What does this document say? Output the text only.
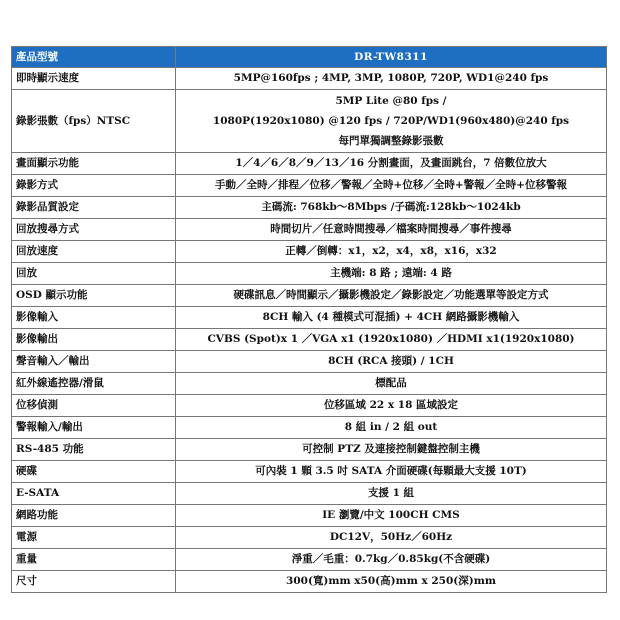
產品型號	DR-TW8311
即時顯示速度	5MP@160fps ; 4MP, 3MP, 1080P, 720P, WD1@240 fps
錄影張數（fps）NTSC	5MP Lite @80 fps /
1080P(1920x1080) @120 fps / 720P/WD1(960x480)@240 fps
每門單獨調整錄影張數

畫面顯示功能	1／4／6／8／9／13／16 分割畫面，及畫面跳台，7 倍數位放大
錄影方式	手動／全時／排程／位移／警報／全時+位移／全時+警報／全時+位移警報
錄影品質設定	主碼流: 768kb～8Mbps /子碼流:128kb～1024kb
回放搜尋方式	時間切片／任意時間搜尋／檔案時間搜尋／事件搜尋
回放速度	正轉／倒轉：x1，x2，x4，x8，x16，x32
回放	主機端: 8 路 ; 遠端: 4 路
OSD 顯示功能	硬碟訊息／時間顯示／攝影機設定／錄影設定／功能選單等設定方式
影像輸入	8CH 輸入 (4 種模式可混插) + 4CH 網路攝影機輸入
影像輸出	CVBS (Spot)x 1 ／VGA x1 (1920x1080) ／HDMI x1(1920x1080)
聲音輸入／輸出	8CH (RCA 接頭) / 1CH
紅外線遙控器/滑鼠	標配品
位移偵測	位移區域 22 x 18 區域設定
警報輸入/輸出	8 組 in / 2 組 out
RS-485 功能	可控制 PTZ 及連接控制鍵盤控制主機
硬碟	可內裝 1 顆 3.5 吋 SATA 介面硬碟(每顆最大支援 10T)
E-SATA	支援 1 組
網路功能	IE 瀏覽/中文 100CH CMS
電源	DC12V，50Hz／60Hz
重量	淨重／毛重：0.7kg／0.85kg(不含硬碟)
尺寸	300(寬)mm x50(高)mm x 250(深)mm
